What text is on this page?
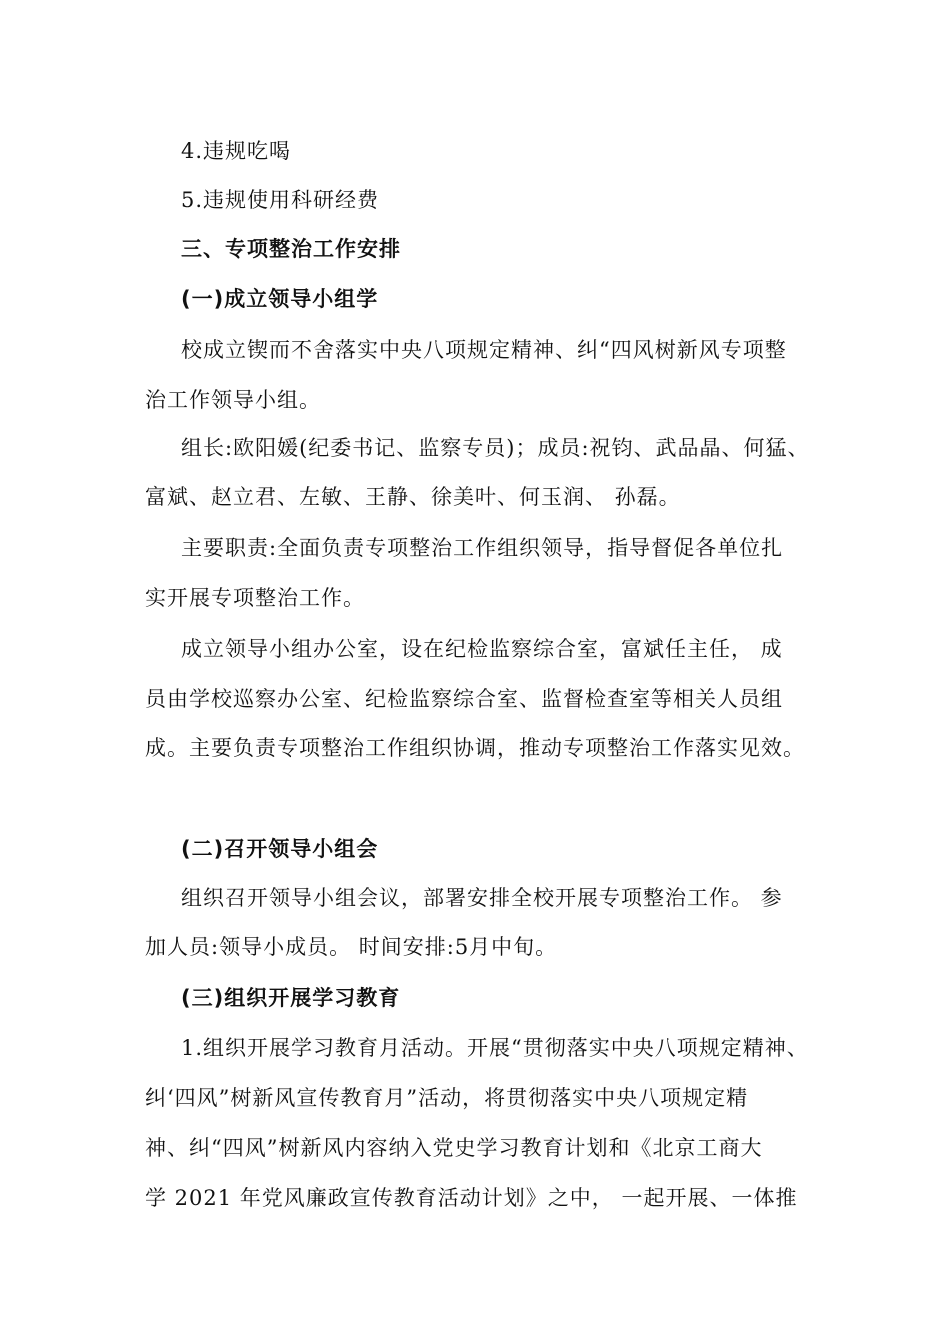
4.违规吃喝
5.违规使用科研经费
三、专项整治工作安排
(一)成立领导小组学
校成立锲而不舍落实中央八项规定精神、纠“四风树新风专项整
治工作领导小组。
组长:欧阳媛(纪委书记、监察专员)；成员:祝钧、武品晶、何猛、
富斌、赵立君、左敏、王静、徐美叶、何玉润、 孙磊。
主要职责:全面负责专项整治工作组织领导，指导督促各单位扎
实开展专项整治工作。
成立领导小组办公室，设在纪检监察综合室，富斌任主任， 成
员由学校巡察办公室、纪检监察综合室、监督检查室等相关人员组
成。主要负责专项整治工作组织协调，推动专项整治工作落实见效。
(二)召开领导小组会
组织召开领导小组会议，部署安排全校开展专项整治工作。 参
加人员:领导小成员。 时间安排:5月中旬。
(三)组织开展学习教育
1.组织开展学习教育月活动。开展“贯彻落实中央八项规定精神、
纠‘四风”树新风宣传教育月”活动，将贯彻落实中央八项规定精
神、纠“四风”树新风内容纳入党史学习教育计划和《北京工商大
学 2021 年党风廉政宣传教育活动计划》之中， 一起开展、一体推
